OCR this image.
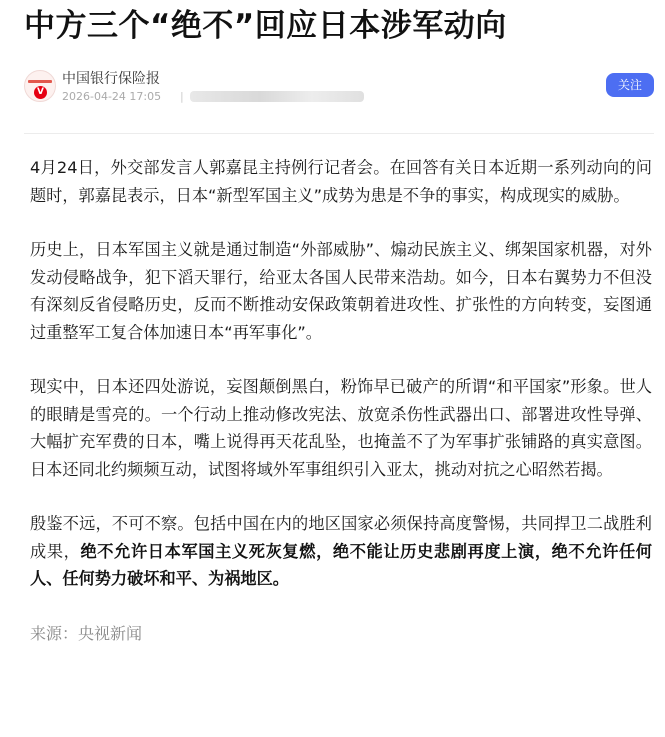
中方三个“绝不”回应日本涉军动向
V
中国银行保险报
2026-04-24 17:05 |
关注

4月24日，外交部发言人郭嘉昆主持例行记者会。在回答有关日本近期一系列动向的问题时，郭嘉昆表示，日本“新型军国主义”成势为患是不争的事实，构成现实的威胁。

历史上，日本军国主义就是通过制造“外部威胁”、煽动民族主义、绑架国家机器，对外发动侵略战争，犯下滔天罪行，给亚太各国人民带来浩劫。如今，日本右翼势力不但没有深刻反省侵略历史，反而不断推动安保政策朝着进攻性、扩张性的方向转变，妄图通过重整军工复合体加速日本“再军事化”。

现实中，日本还四处游说，妄图颠倒黑白，粉饰早已破产的所谓“和平国家”形象。世人的眼睛是雪亮的。一个行动上推动修改宪法、放宽杀伤性武器出口、部署进攻性导弹、大幅扩充军费的日本，嘴上说得再天花乱坠，也掩盖不了为军事扩张铺路的真实意图。日本还同北约频频互动，试图将域外军事组织引入亚太，挑动对抗之心昭然若揭。

殷鉴不远，不可不察。包括中国在内的地区国家必须保持高度警惕，共同捍卫二战胜利成果，绝不允许日本军国主义死灰复燃，绝不能让历史悲剧再度上演，绝不允许任何人、任何势力破坏和平、为祸地区。

来源：央视新闻
